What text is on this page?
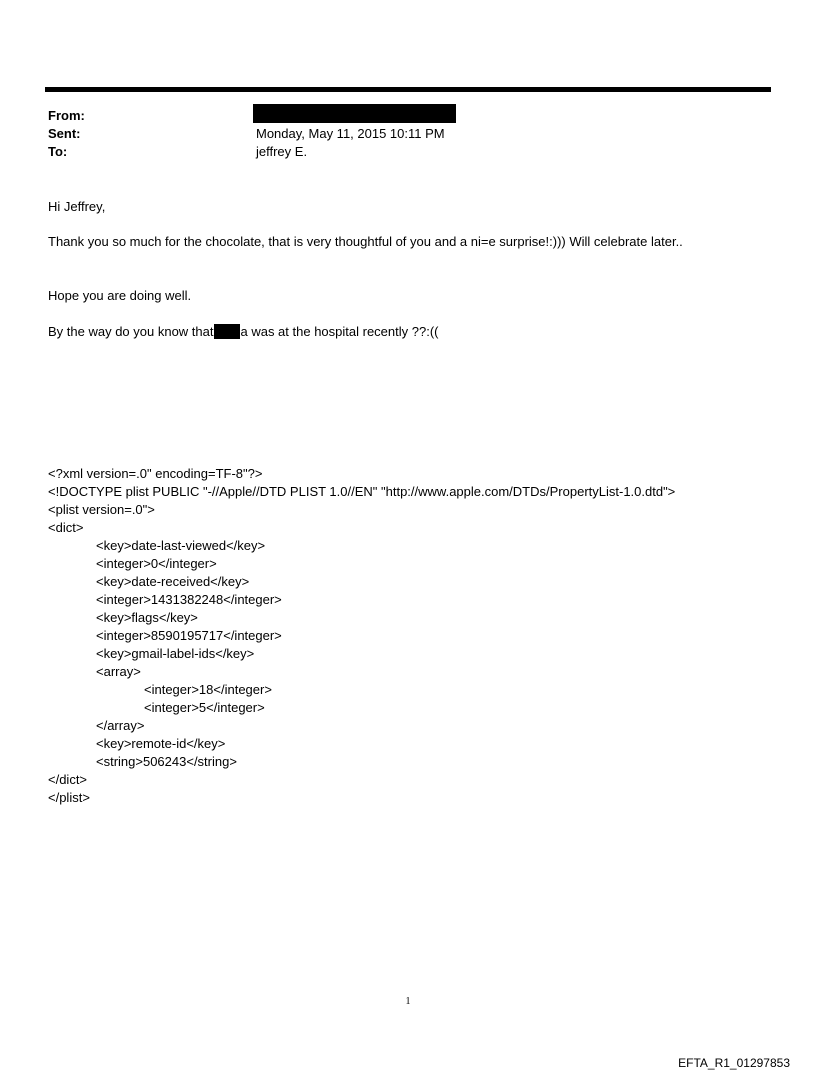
From:
Sent:	Monday, May 11, 2015 10:11 PM
To:	jeffrey E.
Hi Jeffrey,
Thank you so much for the chocolate, that is very thoughtful of you and a ni=e surprise!:))) Will celebrate later..
Hope you are doing well.
By the way do you know that a was at the hospital recently ??:((
<?xml version=.0" encoding=TF-8"?>
<!DOCTYPE plist PUBLIC "-//Apple//DTD PLIST 1.0//EN" "http://www.apple.com/DTDs/PropertyList-1.0.dtd">
<plist version=.0">
<dict>
<key>date-last-viewed</key>
<integer>0</integer>
<key>date-received</key>
<integer>1431382248</integer>
<key>flags</key>
<integer>8590195717</integer>
<key>gmail-label-ids</key>
<array>
<integer>18</integer>
<integer>5</integer>
</array>
<key>remote-id</key>
<string>506243</string>
</dict>
</plist>
1
EFTA_R1_01297853
